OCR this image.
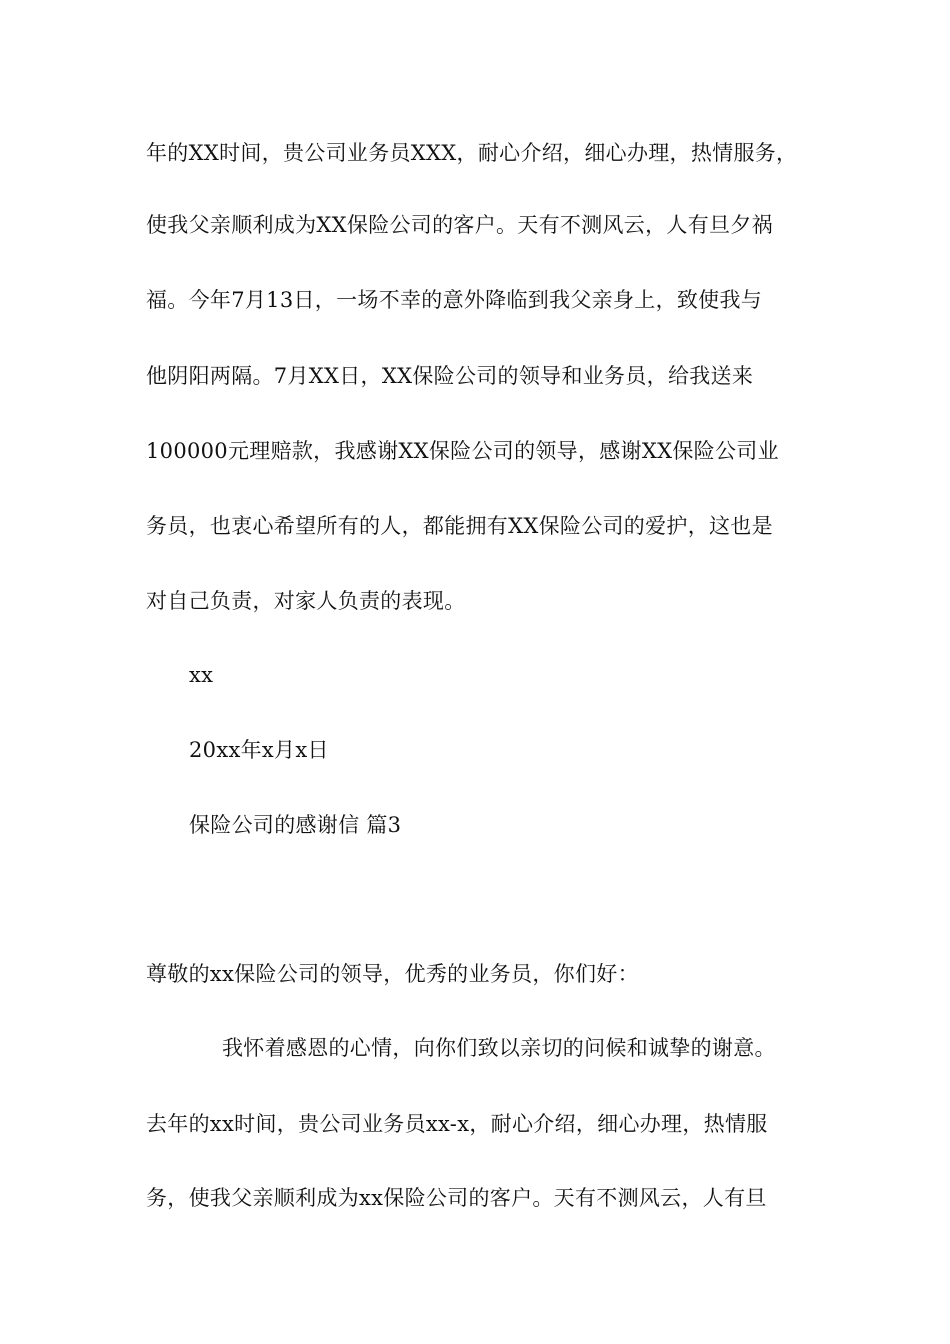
年的XX时间，贵公司业务员XXX，耐心介绍，细心办理，热情服务，
使我父亲顺利成为XX保险公司的客户。天有不测风云，人有旦夕祸
福。今年7月13日，一场不幸的意外降临到我父亲身上，致使我与
他阴阳两隔。7月XX日，XX保险公司的领导和业务员，给我送来
100000元理赔款，我感谢XX保险公司的领导，感谢XX保险公司业
务员，也衷心希望所有的人，都能拥有XX保险公司的爱护，这也是
对自己负责，对家人负责的表现。
xx
20xx年x月x日
保险公司的感谢信 篇3
尊敬的xx保险公司的领导，优秀的业务员，你们好：
我怀着感恩的心情，向你们致以亲切的问候和诚挚的谢意。
去年的xx时间，贵公司业务员xx-x，耐心介绍，细心办理，热情服
务，使我父亲顺利成为xx保险公司的客户。天有不测风云，人有旦
